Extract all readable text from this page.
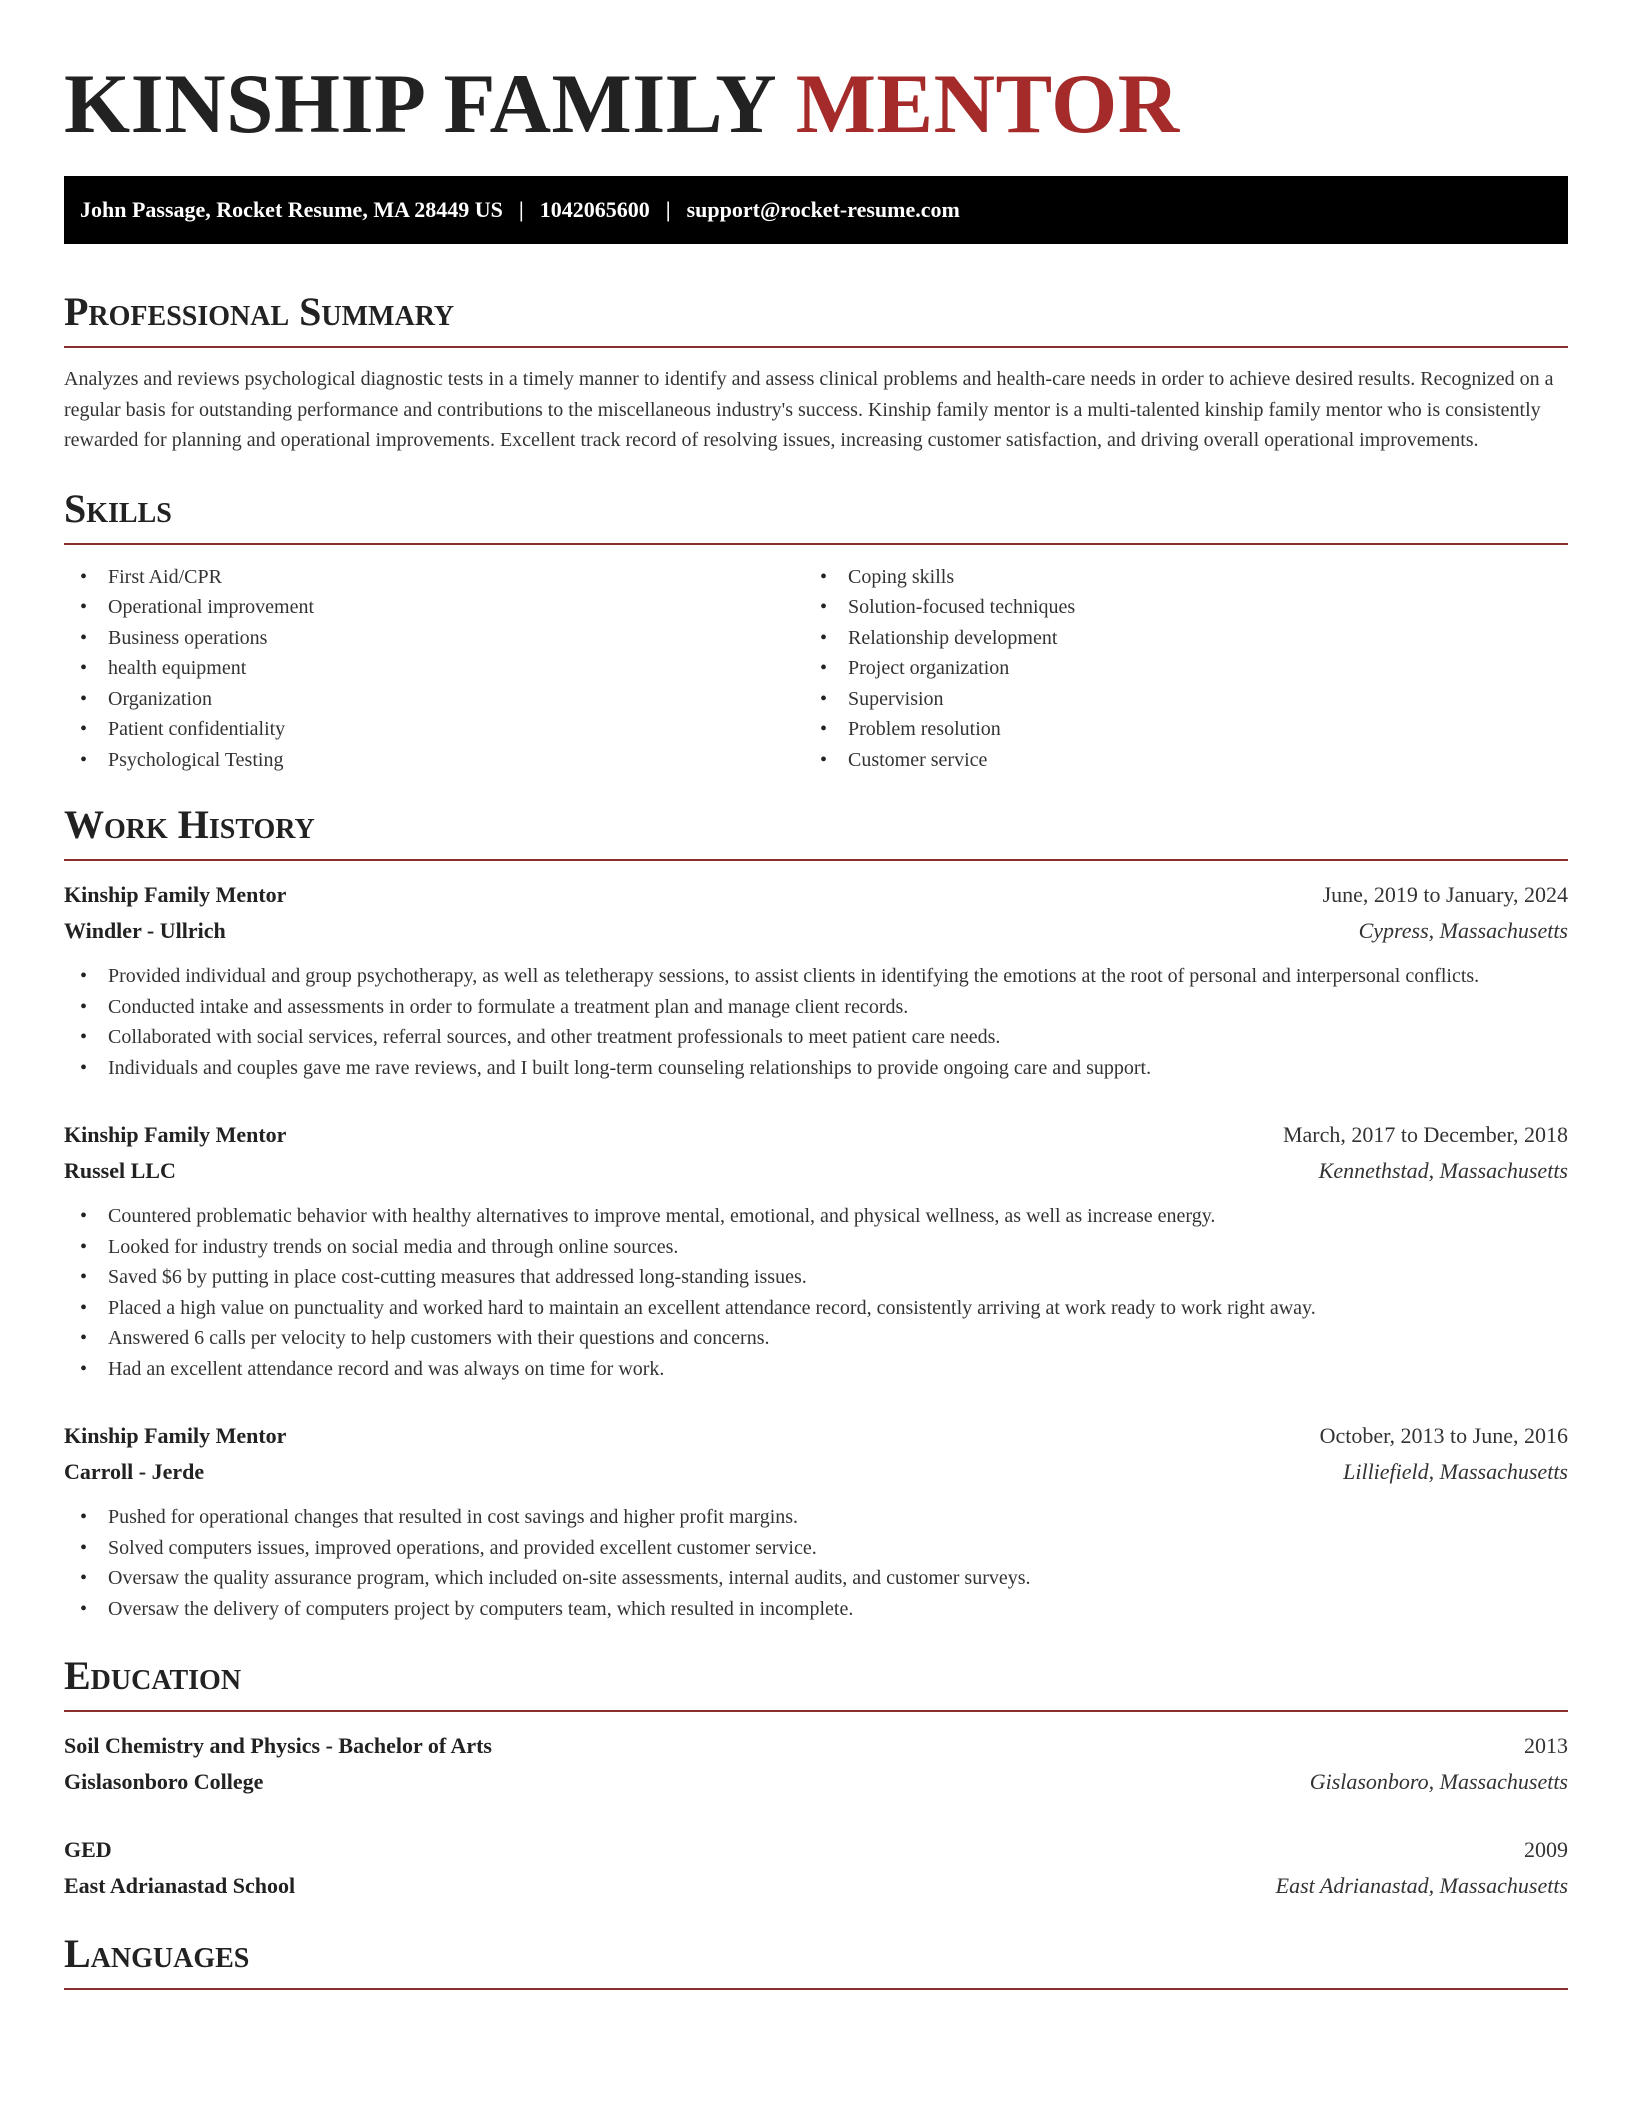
KINSHIP FAMILY MENTOR
John Passage, Rocket Resume, MA 28449 US | 1042065600 | support@rocket-resume.com
Professional Summary

Analyzes and reviews psychological diagnostic tests in a timely manner to identify and assess clinical problems and health-care needs in order to achieve desired results. Recognized on a regular basis for outstanding performance and contributions to the miscellaneous industry's success. Kinship family mentor is a multi-talented kinship family mentor who is consistently rewarded for planning and operational improvements. Excellent track record of resolving issues, increasing customer satisfaction, and driving overall operational improvements.

Skills
• First Aid/CPR
• Operational improvement
• Business operations
• health equipment
• Organization
• Patient confidentiality
• Psychological Testing
• Coping skills
• Solution-focused techniques
• Relationship development
• Project organization
• Supervision
• Problem resolution
• Customer service
Work History
Kinship Family Mentor	June, 2019 to January, 2024
Windler - Ullrich	Cypress, Massachusetts
• Provided individual and group psychotherapy, as well as teletherapy sessions, to assist clients in identifying the emotions at the root of personal and interpersonal conflicts.
• Conducted intake and assessments in order to formulate a treatment plan and manage client records.
• Collaborated with social services, referral sources, and other treatment professionals to meet patient care needs.
• Individuals and couples gave me rave reviews, and I built long-term counseling relationships to provide ongoing care and support.
Kinship Family Mentor	March, 2017 to December, 2018
Russel LLC	Kennethstad, Massachusetts
• Countered problematic behavior with healthy alternatives to improve mental, emotional, and physical wellness, as well as increase energy.
• Looked for industry trends on social media and through online sources.
• Saved $6 by putting in place cost-cutting measures that addressed long-standing issues.
• Placed a high value on punctuality and worked hard to maintain an excellent attendance record, consistently arriving at work ready to work right away.
• Answered 6 calls per velocity to help customers with their questions and concerns.
• Had an excellent attendance record and was always on time for work.
Kinship Family Mentor	October, 2013 to June, 2016
Carroll - Jerde	Lilliefield, Massachusetts
• Pushed for operational changes that resulted in cost savings and higher profit margins.
• Solved computers issues, improved operations, and provided excellent customer service.
• Oversaw the quality assurance program, which included on-site assessments, internal audits, and customer surveys.
• Oversaw the delivery of computers project by computers team, which resulted in incomplete.
Education
Soil Chemistry and Physics - Bachelor of Arts	2013
Gislasonboro College	Gislasonboro, Massachusetts
GED	2009
East Adrianastad School	East Adrianastad, Massachusetts
Languages
